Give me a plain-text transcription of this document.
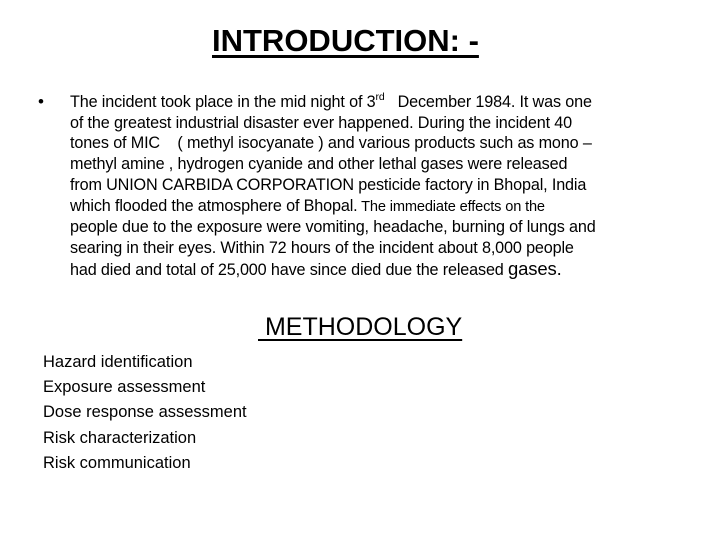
INTRODUCTION: -
• The incident took place in the mid night of 3rd   December 1984. It was one
of the greatest industrial disaster ever happened. During the incident 40
tones of MIC    ( methyl isocyanate ) and various products such as mono –
methyl amine , hydrogen cyanide and other lethal gases were released
from UNION CARBIDA CORPORATION pesticide factory in Bhopal, India
which flooded the atmosphere of Bhopal. The immediate effects on the
people due to the exposure were vomiting, headache, burning of lungs and
searing in their eyes. Within 72 hours of the incident about 8,000 people
had died and total of 25,000 have since died due the released gases.
METHODOLOGY
Hazard identification
Exposure assessment
Dose response assessment
Risk characterization
Risk communication
